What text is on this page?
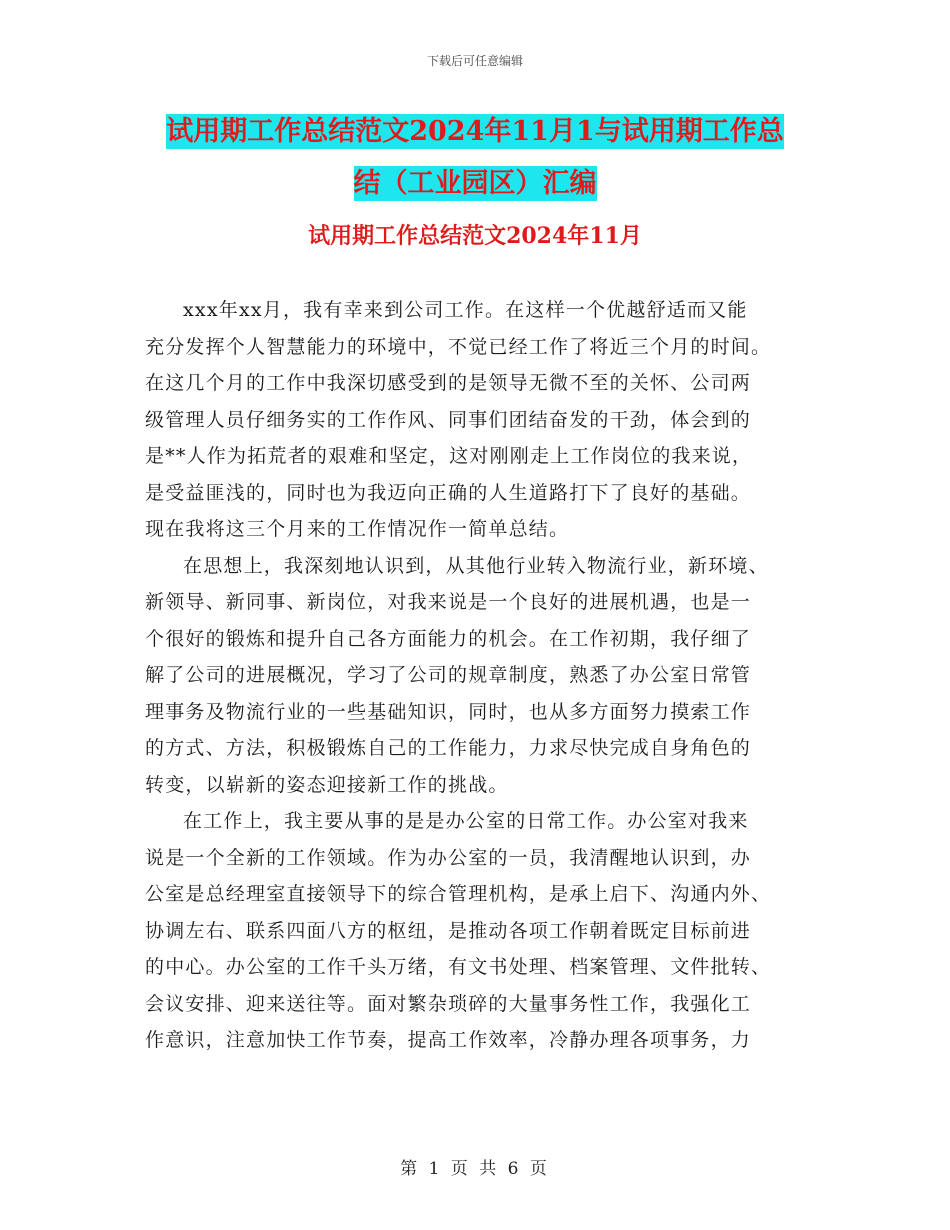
下载后可任意编辑
试用期工作总结范文2024年11月1与试用期工作总
结（工业园区）汇编
试用期工作总结范文2024年11月

xxx年xx月，我有幸来到公司工作。在这样一个优越舒适而又能

充分发挥个人智慧能力的环境中，不觉已经工作了将近三个月的时间。

在这几个月的工作中我深切感受到的是领导无微不至的关怀、公司两

级管理人员仔细务实的工作作风、同事们团结奋发的干劲，体会到的

是**人作为拓荒者的艰难和坚定，这对刚刚走上工作岗位的我来说，

是受益匪浅的，同时也为我迈向正确的人生道路打下了良好的基础。

现在我将这三个月来的工作情况作一简单总结。

在思想上，我深刻地认识到，从其他行业转入物流行业，新环境、

新领导、新同事、新岗位，对我来说是一个良好的进展机遇，也是一

个很好的锻炼和提升自己各方面能力的机会。在工作初期，我仔细了

解了公司的进展概况，学习了公司的规章制度，熟悉了办公室日常管

理事务及物流行业的一些基础知识，同时，也从多方面努力摸索工作

的方式、方法，积极锻炼自己的工作能力，力求尽快完成自身角色的

转变，以崭新的姿态迎接新工作的挑战。

在工作上，我主要从事的是是办公室的日常工作。办公室对我来

说是一个全新的工作领域。作为办公室的一员，我清醒地认识到，办

公室是总经理室直接领导下的综合管理机构，是承上启下、沟通内外、

协调左右、联系四面八方的枢纽，是推动各项工作朝着既定目标前进

的中心。办公室的工作千头万绪，有文书处理、档案管理、文件批转、

会议安排、迎来送往等。面对繁杂琐碎的大量事务性工作，我强化工

作意识，注意加快工作节奏，提高工作效率，冷静办理各项事务，力

第 1 页 共 6 页
